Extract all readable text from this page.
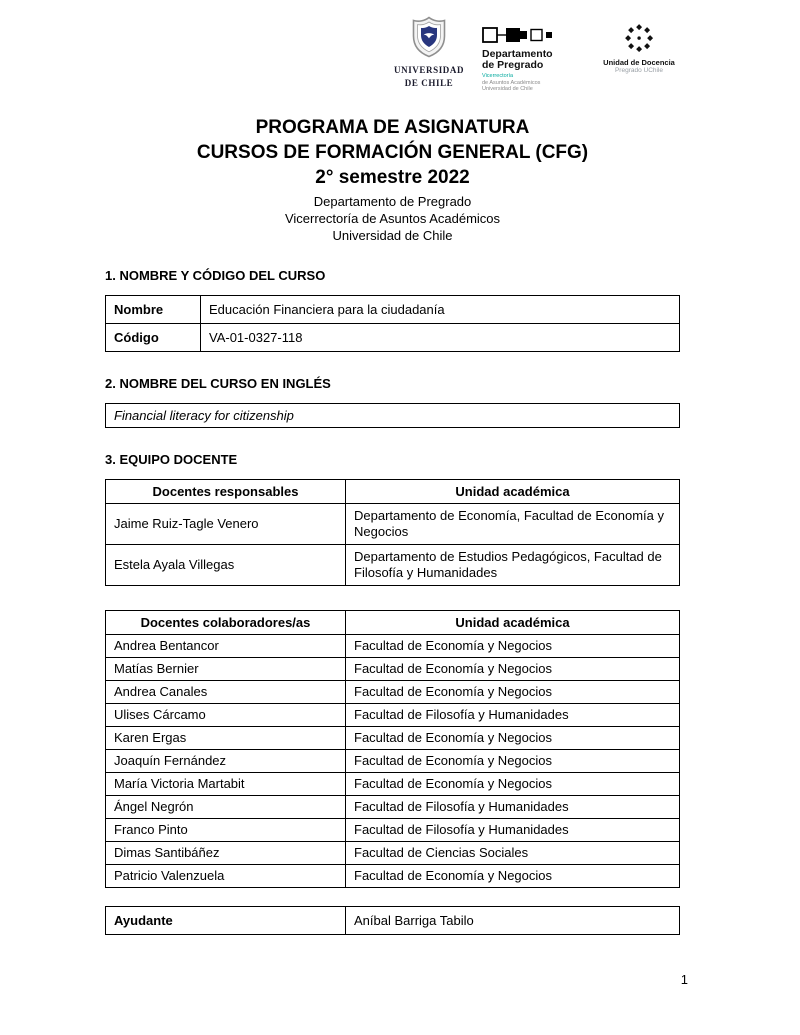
UNIVERSIDAD
DE CHILE
Departamento
de Pregrado
Vicerrectoría
de Asuntos Académicos
Universidad de Chile
Unidad de Docencia
Pregrado UChile
PROGRAMA DE ASIGNATURA
CURSOS DE FORMACIÓN GENERAL (CFG)
2° semestre 2022
Departamento de Pregrado
Vicerrectoría de Asuntos Académicos
Universidad de Chile
1. NOMBRE Y CÓDIGO DEL CURSO
Nombre	Educación Financiera para la ciudadanía
Código	VA-01-0327-118
2. NOMBRE DEL CURSO EN INGLÉS
Financial literacy for citizenship
3. EQUIPO DOCENTE
Docentes responsables	Unidad académica
Jaime Ruiz-Tagle Venero	Departamento de Economía, Facultad de Economía y Negocios
Estela Ayala Villegas	Departamento de Estudios Pedagógicos, Facultad de Filosofía y Humanidades
Docentes colaboradores/as	Unidad académica
Andrea Bentancor	Facultad de Economía y Negocios
Matías Bernier	Facultad de Economía y Negocios
Andrea Canales	Facultad de Economía y Negocios
Ulises Cárcamo	Facultad de Filosofía y Humanidades
Karen Ergas	Facultad de Economía y Negocios
Joaquín Fernández	Facultad de Economía y Negocios
María Victoria Martabit	Facultad de Economía y Negocios
Ángel Negrón	Facultad de Filosofía y Humanidades
Franco Pinto	Facultad de Filosofía y Humanidades
Dimas Santibáñez	Facultad de Ciencias Sociales
Patricio Valenzuela	Facultad de Economía y Negocios
Ayudante	Aníbal Barriga Tabilo
1
